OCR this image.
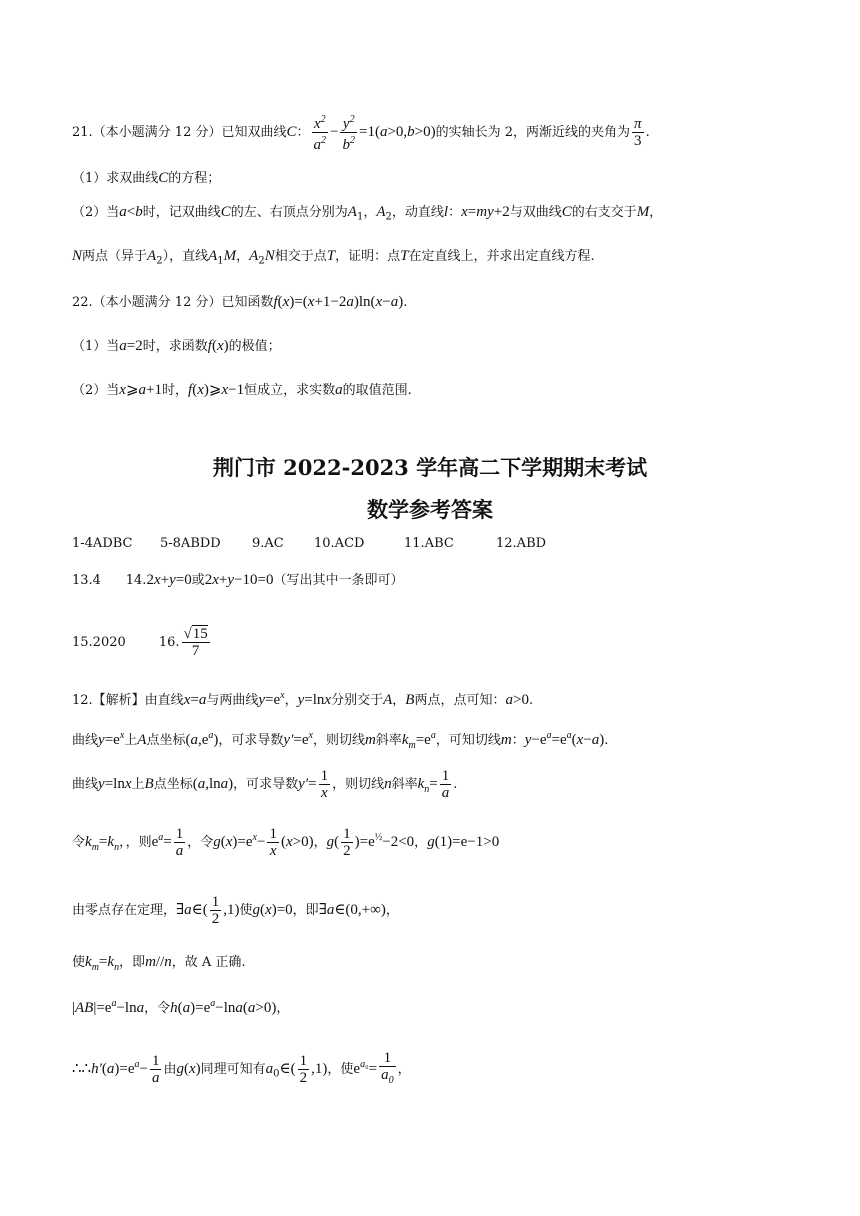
21.（本小题满分 12 分）已知双曲线C： $\frac{x^2}{a^2} - \frac{y^2}{b^2} =1(a>0,b>0)$的实轴长为 2，两渐近线的夹角为 $\frac{\pi}{3}$ .
（1）求双曲线C的方程；
（2）当a<b时，记双曲线C的左、右顶点分别为$A_1$，$A_2$，动直线l：x=my+2与双曲线C的右支交于M，
N两点（异于$A_2$），直线$A_1M$，$A_2N$相交于点T，证明：点T在定直线上，并求出定直线方程.
22.（本小题满分 12 分）已知函数f(x)=(x+1−2a)ln(x−a).
（1）当a=2时，求函数f(x)的极值；
（2）当x⩾a+1时，f(x)⩾x−1恒成立，求实数a的取值范围.
荆门市 2022-2023 学年高二下学期期末考试
数学参考答案
1-4ADBC 5-8ABDD 9.AC 10.ACD	11.ABC	12.ABD
13.4 14.2x+y=0或2x+y−10=0（写出其中一条即可）
15.2020	16. $\frac{√15}{7}$
12.【解析】由直线x=a与两曲线$y=e^x$，y=lnx分别交于A，B两点，点可知：a>0.
曲线$y=e^x$上A点坐标$(a,e^a)$，可求导数$y'=e^x$，则切线m斜率$k_m=e^a$，可知切线m：$y-e^a=e^a(x-a)$.
曲线y=lnx上B点坐标(a,lna)，可求导数$y'= \frac{1}{x}$ ，则切线n斜率$k_n= \frac{1}{a}$ .
令$k_m=k_n$，，则$e^a= \frac{1}{a}$ ，令$g(x)=e^x- \frac{1}{x} (x>0)$，$g( \frac{1}{2} )=e^{\frac{1}{2}}-2<0$，g(1)=e−1>0
由零点存在定理，∃a∈( $\frac{1}{2} ,1$)使g(x)=0，即∃a∈(0,+∞)，
使$k_m=k_n$，即m//n，故 A 正确.
$|AB|=e^a-\ln a$，令$h(a)=e^a-\ln a(a>0)$，
$\therefore\therefore h'(a)=e^a- \frac{1}{a}$ 由g(x)同理可知有$a_0\in( \frac{1}{2} ,1)$，使$e^{a_0}= \frac{1}{a_0}$ ，
